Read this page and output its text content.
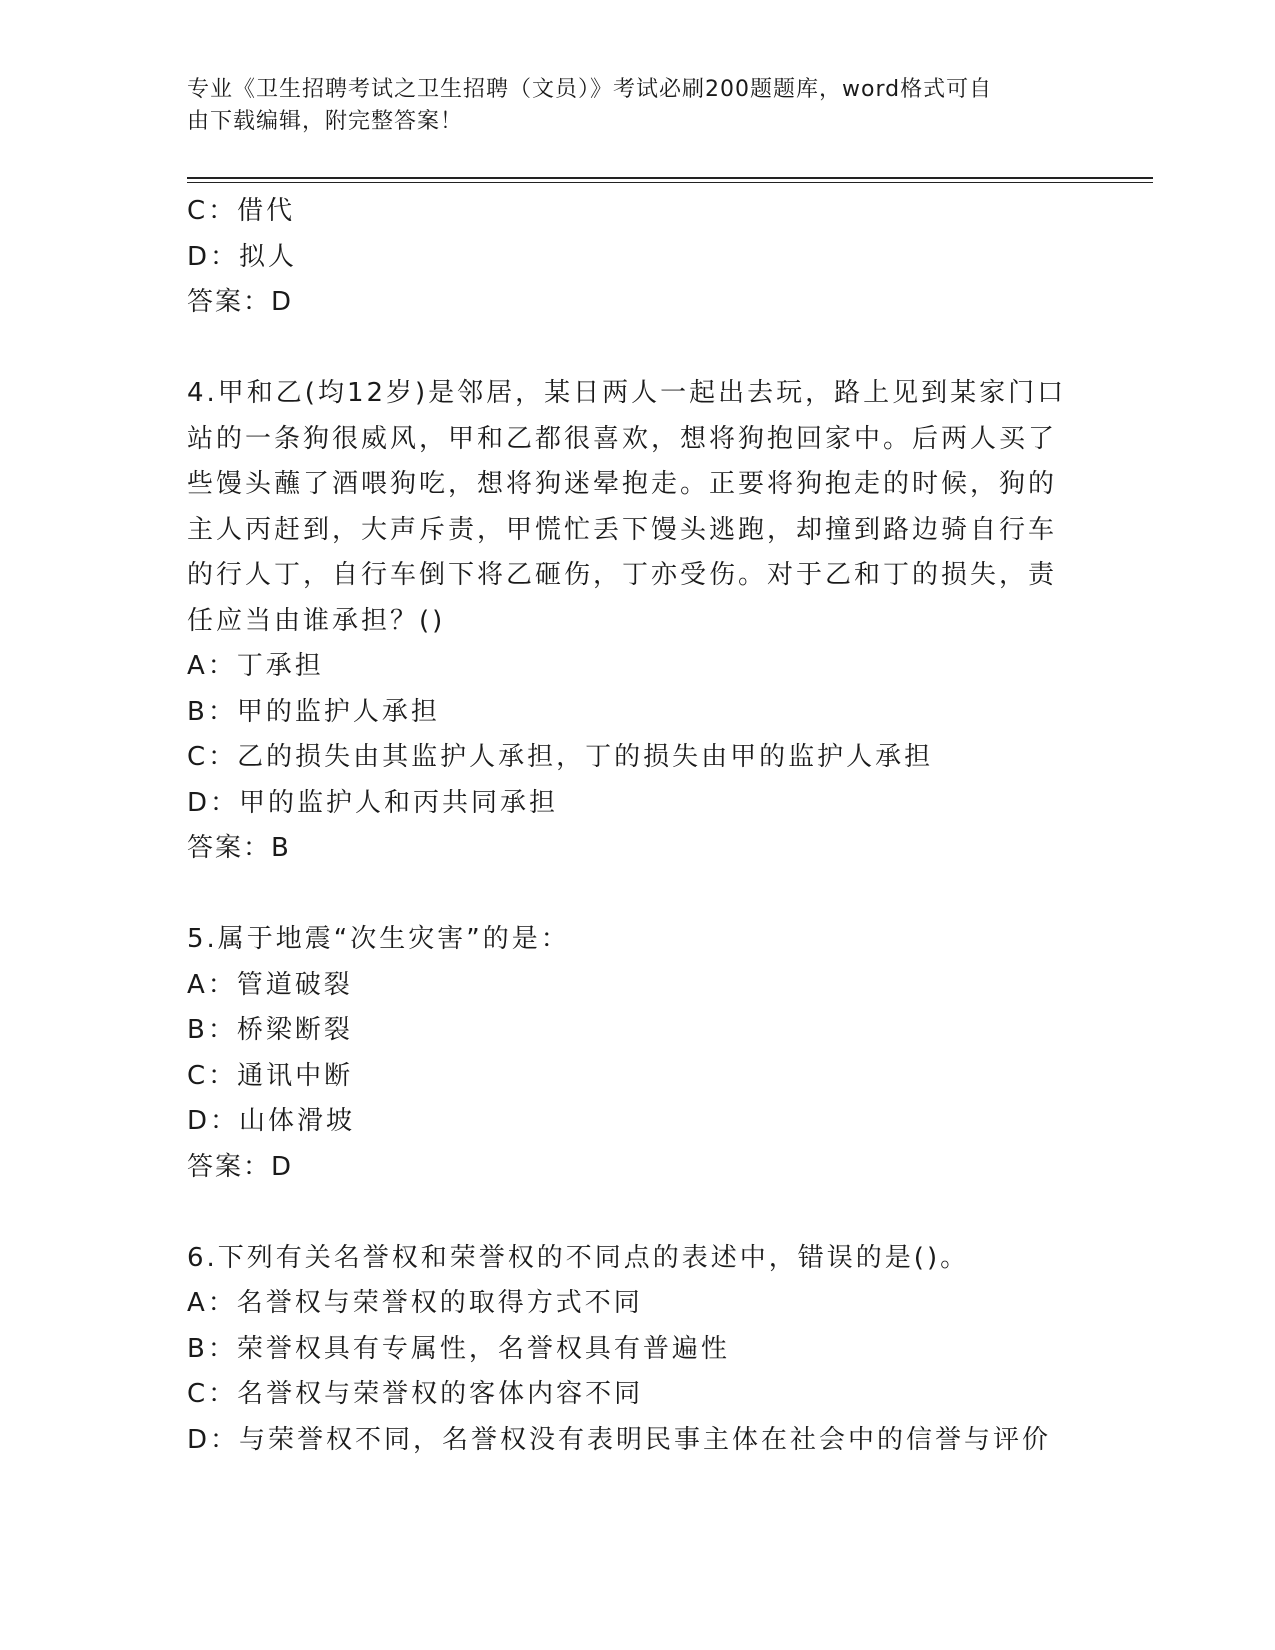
专业《卫生招聘考试之卫生招聘（文员）》考试必刷200题题库，word格式可自
由下载编辑，附完整答案！
C：借代
D：拟人
答案：D
4.甲和乙(均12岁)是邻居，某日两人一起出去玩，路上见到某家门口
站的一条狗很威风，甲和乙都很喜欢，想将狗抱回家中。后两人买了
些馒头蘸了酒喂狗吃，想将狗迷晕抱走。正要将狗抱走的时候，狗的
主人丙赶到，大声斥责，甲慌忙丢下馒头逃跑，却撞到路边骑自行车
的行人丁，自行车倒下将乙砸伤，丁亦受伤。对于乙和丁的损失，责
任应当由谁承担？()
A：丁承担
B：甲的监护人承担
C：乙的损失由其监护人承担，丁的损失由甲的监护人承担
D：甲的监护人和丙共同承担
答案：B
5.属于地震“次生灾害”的是：
A：管道破裂
B：桥梁断裂
C：通讯中断
D：山体滑坡
答案：D
6.下列有关名誉权和荣誉权的不同点的表述中，错误的是()。
A：名誉权与荣誉权的取得方式不同
B：荣誉权具有专属性，名誉权具有普遍性
C：名誉权与荣誉权的客体内容不同
D：与荣誉权不同，名誉权没有表明民事主体在社会中的信誉与评价
